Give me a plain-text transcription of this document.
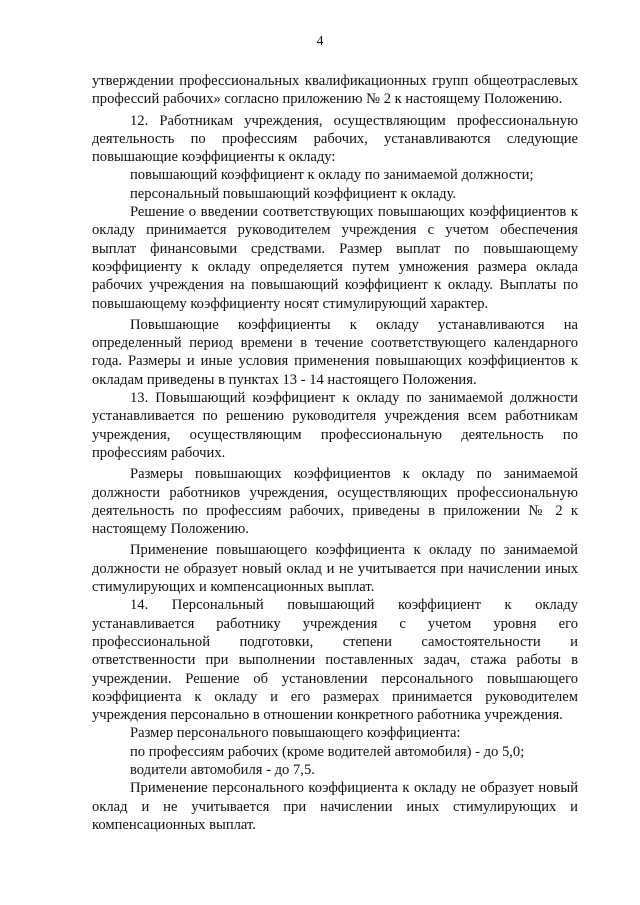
4

утверждении профессиональных квалификационных групп общеотраслевых профессий рабочих» согласно приложению № 2 к настоящему Положению.

12. Работникам учреждения, осуществляющим профессиональную деятельность по профессиям рабочих, устанавливаются следующие повышающие коэффициенты к окладу:

повышающий коэффициент к окладу по занимаемой должности;

персональный повышающий коэффициент к окладу.

Решение о введении соответствующих повышающих коэффициентов к окладу принимается руководителем учреждения с учетом обеспечения выплат финансовыми средствами. Размер выплат по повышающему коэффициенту к окладу определяется путем умножения размера оклада рабочих учреждения на повышающий коэффициент к окладу. Выплаты по повышающему коэффициенту носят стимулирующий характер.

Повышающие коэффициенты к окладу устанавливаются на определенный период времени в течение соответствующего календарного года. Размеры и иные условия применения повышающих коэффициентов к окладам приведены в пунктах 13 - 14 настоящего Положения.

13. Повышающий коэффициент к окладу по занимаемой должности устанавливается по решению руководителя учреждения всем работникам учреждения, осуществляющим профессиональную деятельность по профессиям рабочих.

Размеры повышающих коэффициентов к окладу по занимаемой должности работников учреждения, осуществляющих профессиональную деятельность по профессиям рабочих, приведены в приложении № 2 к настоящему Положению.

Применение повышающего коэффициента к окладу по занимаемой должности не образует новый оклад и не учитывается при начислении иных стимулирующих и компенсационных выплат.

14. Персональный повышающий коэффициент к окладу устанавливается работнику учреждения с учетом уровня его профессиональной подготовки, степени самостоятельности и ответственности при выполнении поставленных задач, стажа работы в учреждении. Решение об установлении персонального повышающего коэффициента к окладу и его размерах принимается руководителем учреждения персонально в отношении конкретного работника учреждения.

Размер персонального повышающего коэффициента:

по профессиям рабочих (кроме водителей автомобиля) - до 5,0;

водители автомобиля - до 7,5.

Применение персонального коэффициента к окладу не образует новый оклад и не учитывается при начислении иных стимулирующих и компенсационных выплат.
